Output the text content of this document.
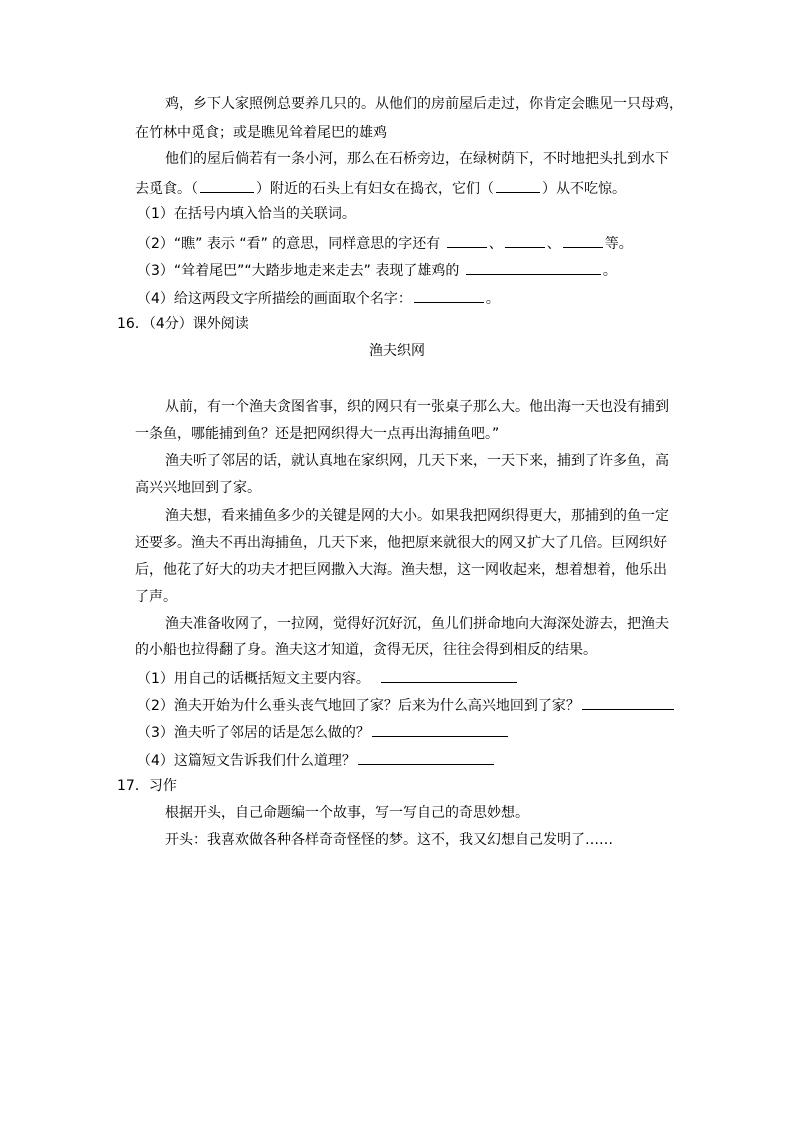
鸡，乡下人家照例总要养几只的。从他们的房前屋后走过，你肯定会瞧见一只母鸡，
在竹林中觅食；或是瞧见耸着尾巴的雄鸡
他们的屋后倘若有一条小河，那么在石桥旁边，在绿树荫下，不时地把头扎到水下
去觅食。（	）附近的石头上有妇女在捣衣，它们（	）从不吃惊。
（1）在括号内填入恰当的关联词。
（2）“瞧” 表示 “看” 的意思，同样意思的字还有	、	、	等。
（3）“耸着尾巴”“大踏步地走来走去” 表现了雄鸡的	。
（4）给这两段文字所描绘的画面取个名字：	。
16．（4分）课外阅读
渔夫织网
从前，有一个渔夫贪图省事，织的网只有一张桌子那么大。他出海一天也没有捕到
一条鱼，哪能捕到鱼？还是把网织得大一点再出海捕鱼吧。”
渔夫听了邻居的话，就认真地在家织网，几天下来，一天下来，捕到了许多鱼，高
高兴兴地回到了家。
渔夫想，看来捕鱼多少的关键是网的大小。如果我把网织得更大，那捕到的鱼一定
还要多。渔夫不再出海捕鱼，几天下来，他把原来就很大的网又扩大了几倍。巨网织好
后，他花了好大的功夫才把巨网撒入大海。渔夫想，这一网收起来，想着想着，他乐出
了声。
渔夫准备收网了，一拉网，觉得好沉好沉，鱼儿们拼命地向大海深处游去，把渔夫
的小船也拉得翻了身。渔夫这才知道，贪得无厌，往往会得到相反的结果。
（1）用自己的话概括短文主要内容。
（2）渔夫开始为什么垂头丧气地回了家？后来为什么高兴地回到了家？
（3）渔夫听了邻居的话是怎么做的？
（4）这篇短文告诉我们什么道理？
17．习作
根据开头，自己命题编一个故事，写一写自己的奇思妙想。
开头：我喜欢做各种各样奇奇怪怪的梦。这不，我又幻想自己发明了……
